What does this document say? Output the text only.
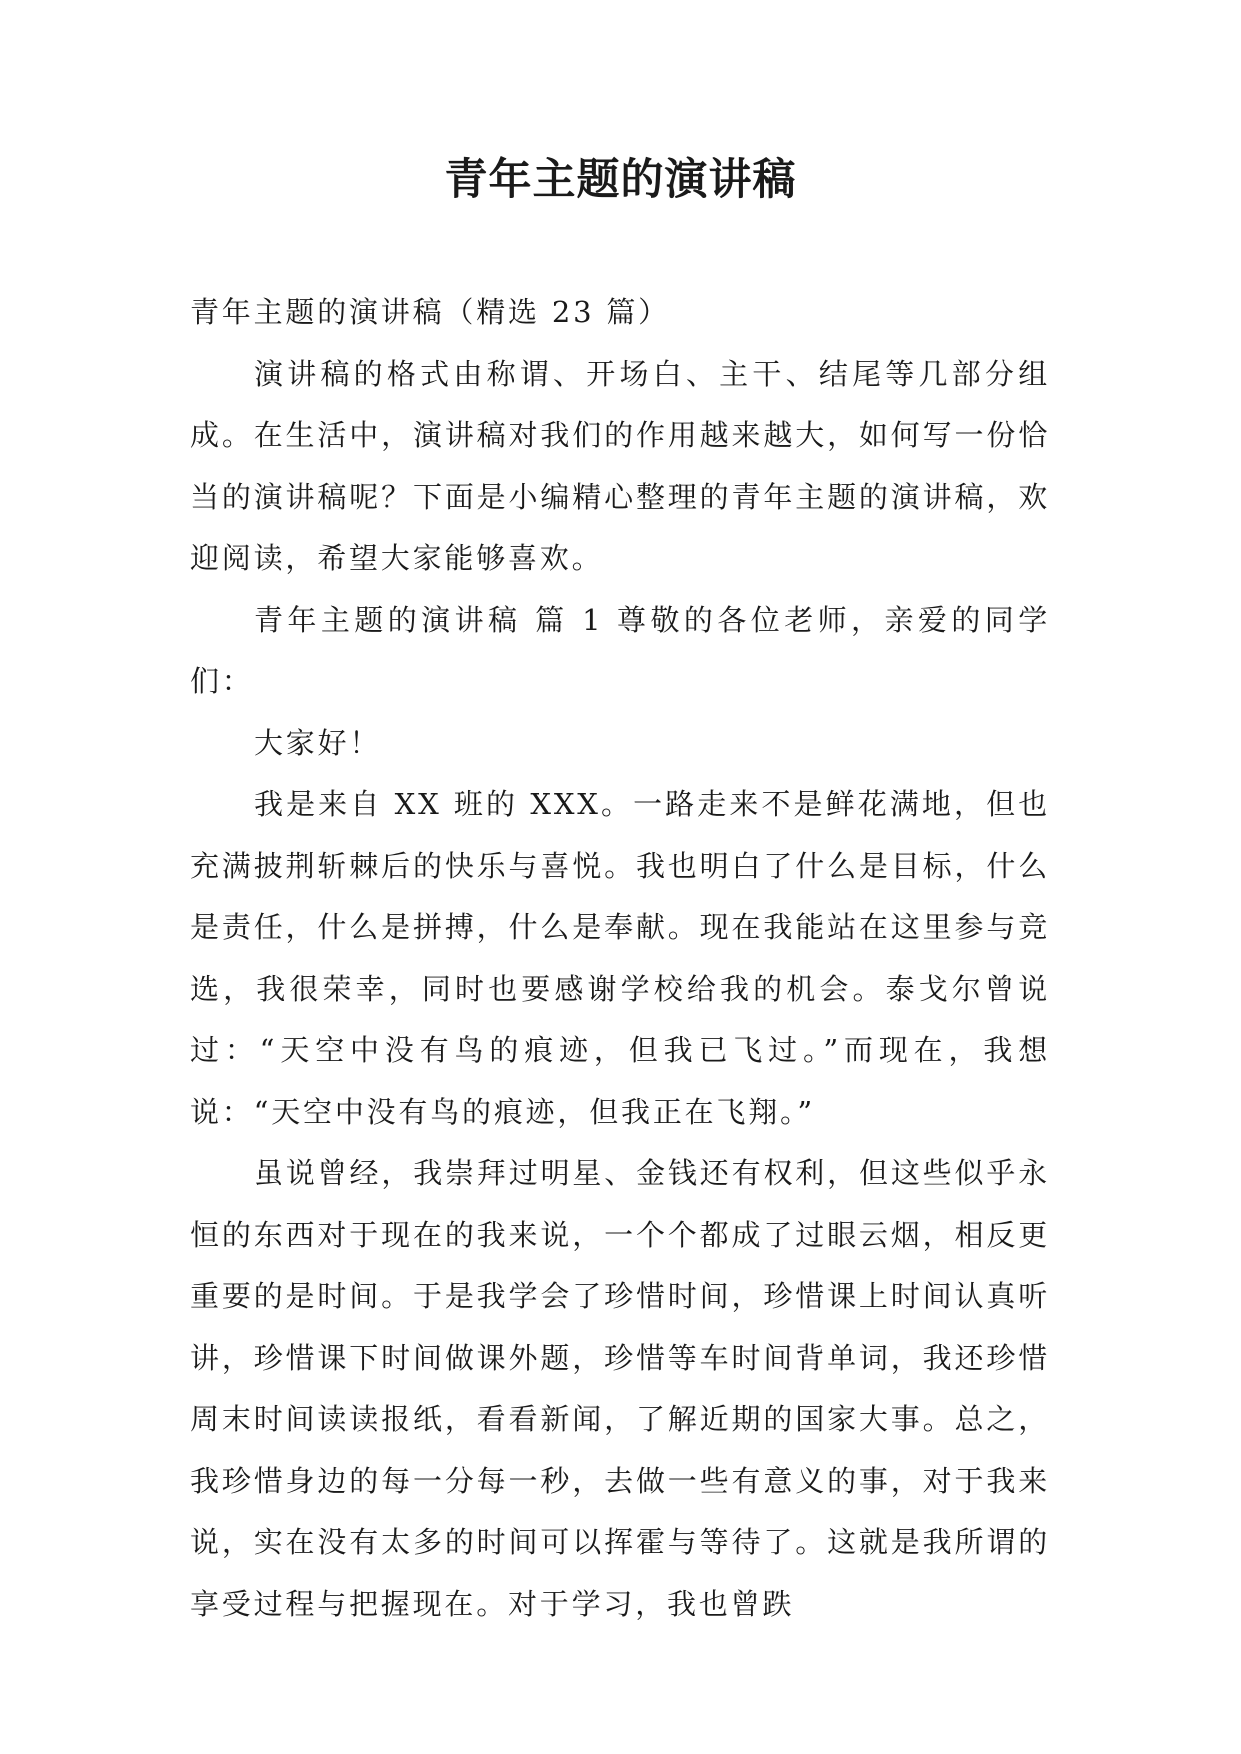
青年主题的演讲稿

青年主题的演讲稿（精选 23 篇）

演讲稿的格式由称谓、开场白、主干、结尾等几部分组成。在生活中，演讲稿对我们的作用越来越大，如何写一份恰当的演讲稿呢？下面是小编精心整理的青年主题的演讲稿，欢迎阅读，希望大家能够喜欢。

青年主题的演讲稿 篇 1 尊敬的各位老师，亲爱的同学们：

大家好！

我是来自 XX 班的 XXX。一路走来不是鲜花满地，但也充满披荆斩棘后的快乐与喜悦。我也明白了什么是目标，什么是责任，什么是拼搏，什么是奉献。现在我能站在这里参与竞选，我很荣幸，同时也要感谢学校给我的机会。泰戈尔曾说过：“天空中没有鸟的痕迹，但我已飞过。”而现在，我想说：“天空中没有鸟的痕迹，但我正在飞翔。”

虽说曾经，我崇拜过明星、金钱还有权利，但这些似乎永恒的东西对于现在的我来说，一个个都成了过眼云烟，相反更重要的是时间。于是我学会了珍惜时间，珍惜课上时间认真听讲，珍惜课下时间做课外题，珍惜等车时间背单词，我还珍惜周末时间读读报纸，看看新闻，了解近期的国家大事。总之，我珍惜身边的每一分每一秒，去做一些有意义的事，对于我来说，实在没有太多的时间可以挥霍与等待了。这就是我所谓的享受过程与把握现在。对于学习，我也曾跌
